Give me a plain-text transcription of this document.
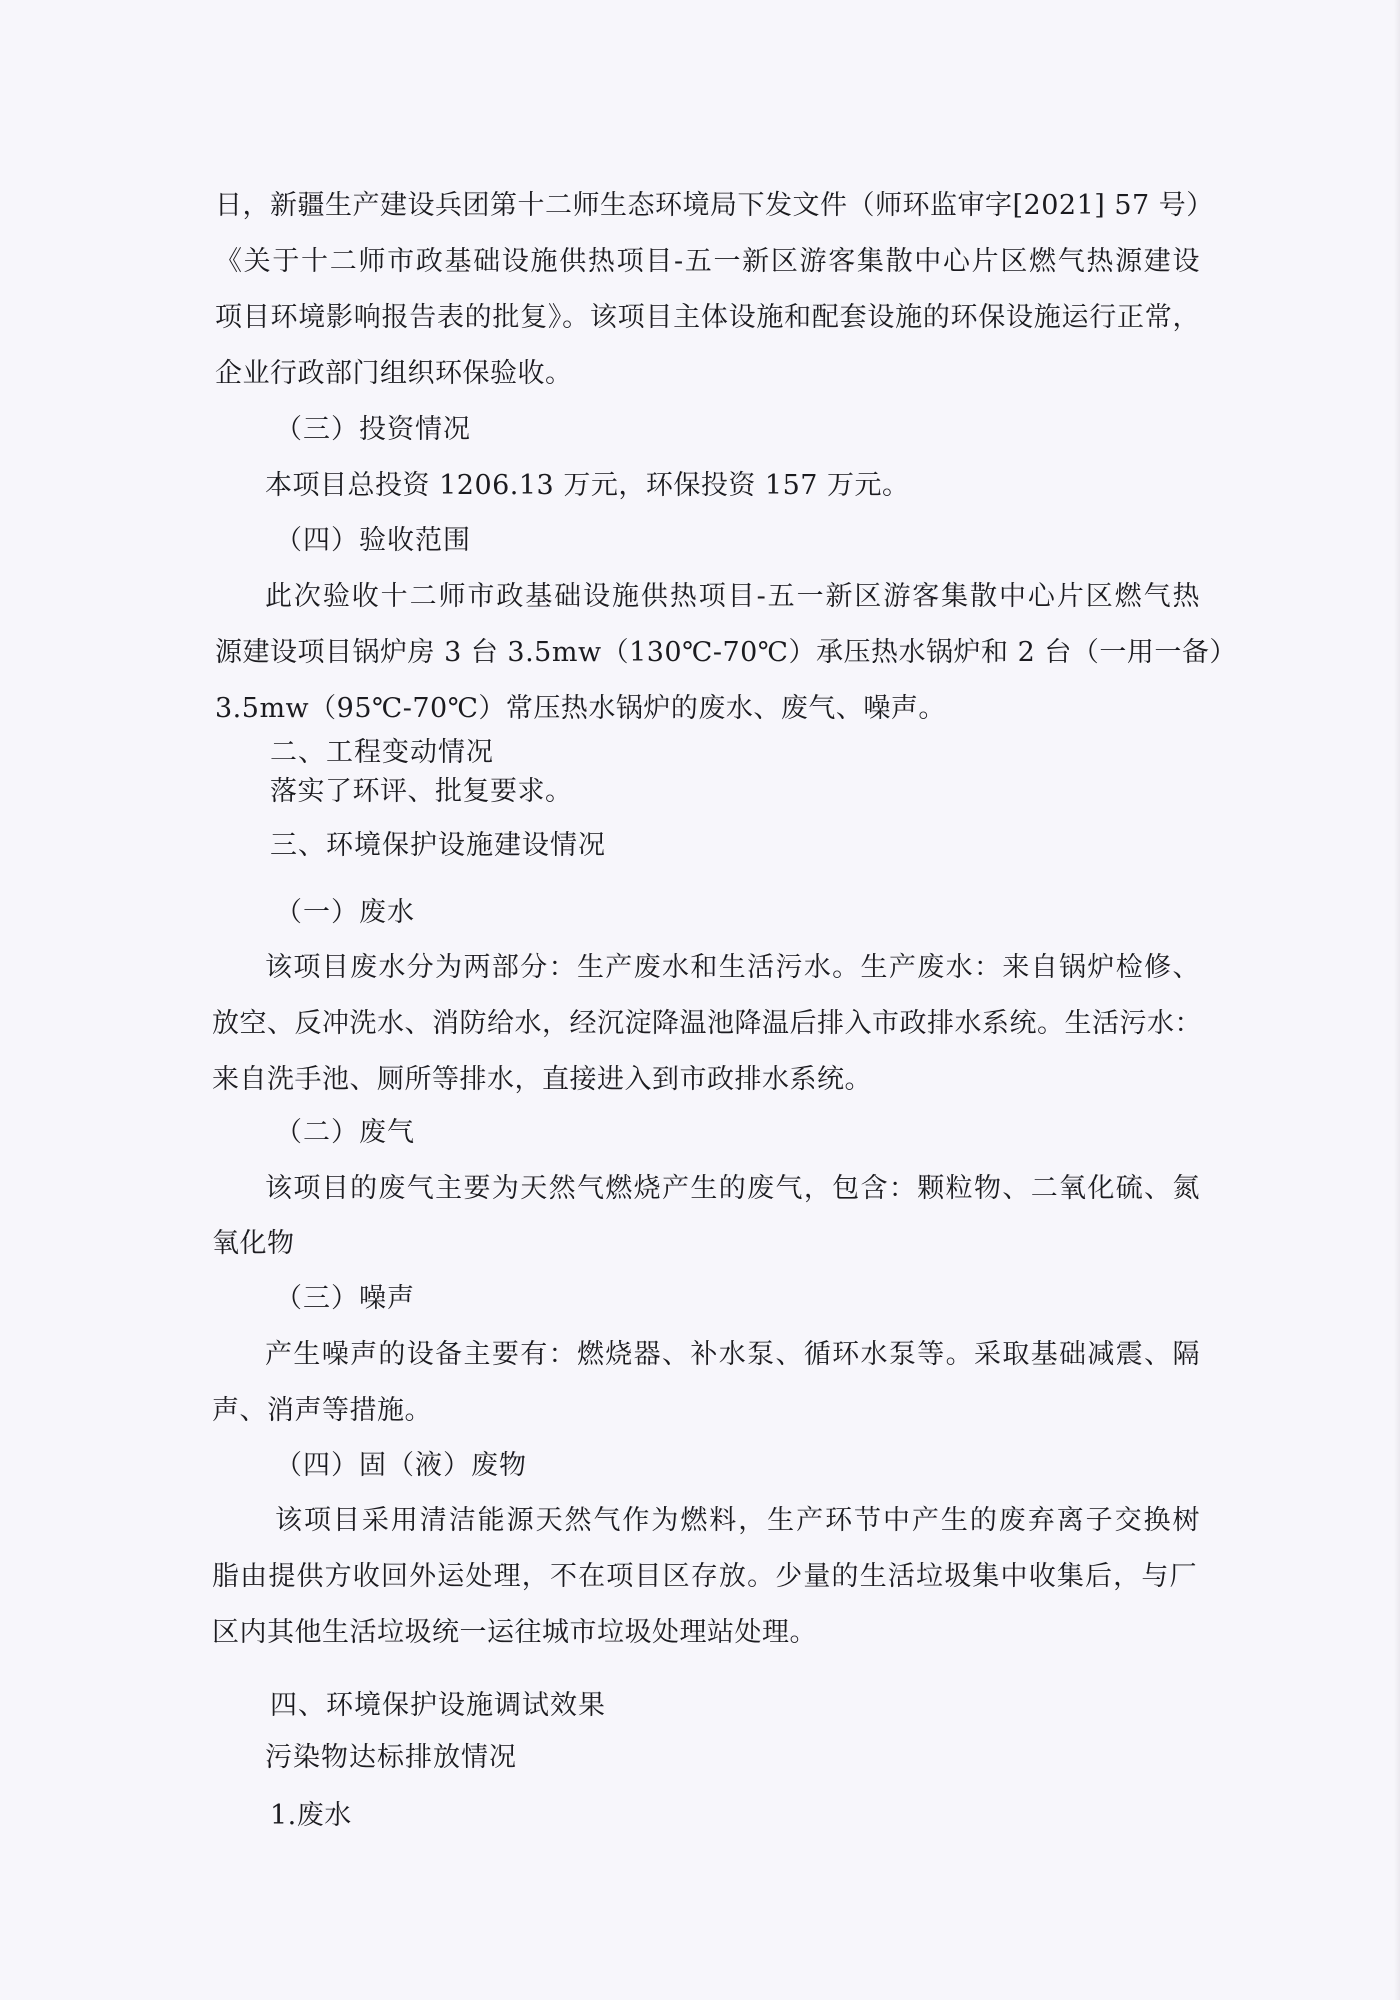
日，新疆生产建设兵团第十二师生态环境局下发文件（师环监审字[2021] 57 号）
《关于十二师市政基础设施供热项目-五一新区游客集散中心片区燃气热源建设
项目环境影响报告表的批复》。该项目主体设施和配套设施的环保设施运行正常，
企业行政部门组织环保验收。
（三）投资情况
本项目总投资 1206.13 万元，环保投资 157 万元。
（四）验收范围
此次验收十二师市政基础设施供热项目-五一新区游客集散中心片区燃气热
源建设项目锅炉房 3 台 3.5mw（130℃-70℃）承压热水锅炉和 2 台（一用一备）
3.5mw（95℃-70℃）常压热水锅炉的废水、废气、噪声。
二、工程变动情况
落实了环评、批复要求。
三、环境保护设施建设情况
（一）废水
该项目废水分为两部分：生产废水和生活污水。生产废水：来自锅炉检修、
放空、反冲洗水、消防给水，经沉淀降温池降温后排入市政排水系统。生活污水：
来自洗手池、厕所等排水，直接进入到市政排水系统。
（二）废气
该项目的废气主要为天然气燃烧产生的废气，包含：颗粒物、二氧化硫、氮
氧化物
（三）噪声
产生噪声的设备主要有：燃烧器、补水泵、循环水泵等。采取基础减震、隔
声、消声等措施。
（四）固（液）废物
该项目采用清洁能源天然气作为燃料，生产环节中产生的废弃离子交换树
脂由提供方收回外运处理，不在项目区存放。少量的生活垃圾集中收集后，与厂
区内其他生活垃圾统一运往城市垃圾处理站处理。
四、环境保护设施调试效果
污染物达标排放情况
1.废水
